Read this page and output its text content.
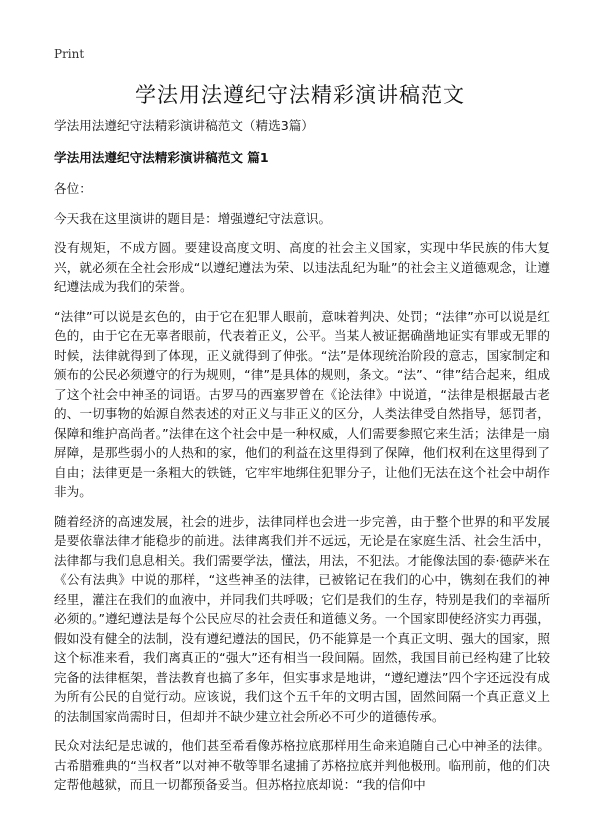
Print
学法用法遵纪守法精彩演讲稿范文

学法用法遵纪守法精彩演讲稿范文（精选3篇）

学法用法遵纪守法精彩演讲稿范文 篇1

各位：

今天我在这里演讲的题目是：增强遵纪守法意识。

没有规矩，不成方圆。要建设高度文明、高度的社会主义国家，实现中华民族的伟大复兴，就必须在全社会形成“以遵纪遵法为荣、以违法乱纪为耻”的社会主义道德观念，让遵纪遵法成为我们的荣誉。

“法律”可以说是玄色的，由于它在犯罪人眼前，意味着判决、处罚；“法律”亦可以说是红色的，由于它在无辜者眼前，代表着正义，公平。当某人被证据确凿地证实有罪或无罪的时候，法律就得到了体现，正义就得到了伸张。“法”是体现统治阶段的意志，国家制定和颁布的公民必须遵守的行为规则，“律”是具体的规则，条文。“法”、“律”结合起来，组成了这个社会中神圣的词语。古罗马的西塞罗曾在《论法律》中说道，“法律是根据最古老的、一切事物的始源自然表述的对正义与非正义的区分，人类法律受自然指导，惩罚者，保障和维护高尚者。”法律在这个社会中是一种权威，人们需要参照它来生活；法律是一扇屏障，是那些弱小的人热和的家，他们的利益在这里得到了保障，他们权利在这里得到了自由；法律更是一条粗大的铁链，它牢牢地绑住犯罪分子，让他们无法在这个社会中胡作非为。

随着经济的高速发展，社会的进步，法律同样也会进一步完善，由于整个世界的和平发展是要依靠法律才能稳步的前进。法律离我们并不远远，无论是在家庭生活、社会生活中，法律都与我们息息相关。我们需要学法，懂法，用法，不犯法。才能像法国的泰·德萨米在《公有法典》中说的那样，“这些神圣的法律，已被铭记在我们的心中，镌刻在我们的神经里，灌注在我们的血液中，并同我们共呼吸；它们是我们的生存，特别是我们的幸福所必须的。”遵纪遵法是每个公民应尽的社会责任和道德义务。一个国家即使经济实力再强，假如没有健全的法制，没有遵纪遵法的国民，仍不能算是一个真正文明、强大的国家，照这个标准来看，我们离真正的“强大”还有相当一段间隔。固然，我国目前已经构建了比较完备的法律框架，普法教育也搞了多年，但实事求是地讲，“遵纪遵法”四个字还远没有成为所有公民的自觉行动。应该说，我们这个五千年的文明古国，固然间隔一个真正意义上的法制国家尚需时日，但却并不缺少建立社会所必不可少的道德传承。

民众对法纪是忠诚的，他们甚至希看像苏格拉底那样用生命来追随自己心中神圣的法律。古希腊雅典的“当权者”以对神不敬等罪名逮捕了苏格拉底并判他极刑。临刑前，他的们决定帮他越狱，而且一切都预备妥当。但苏格拉底却说：“我的信仰中
